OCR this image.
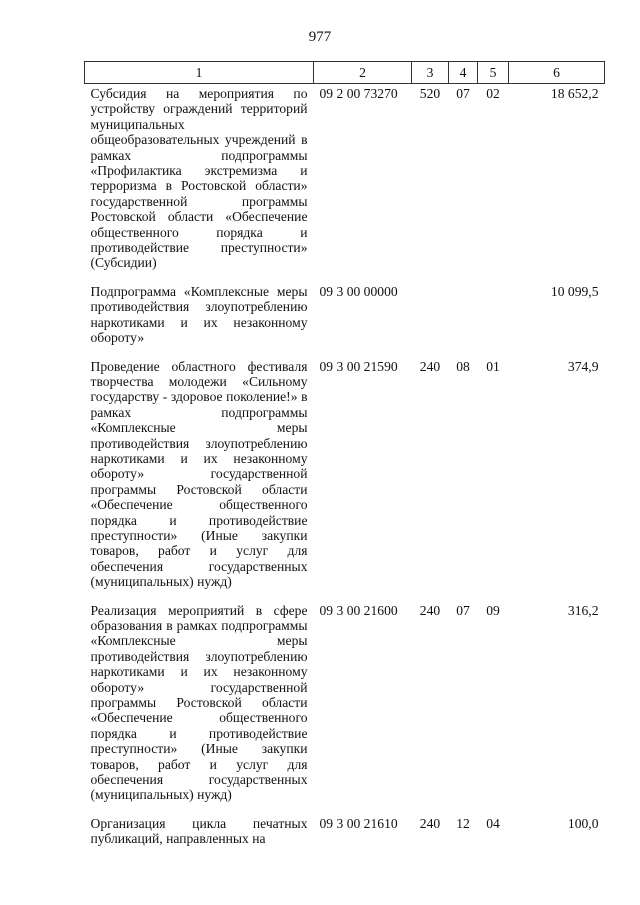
977
1	2	3	4	5	6
Субсидия на мероприятия по устройству ограждений территорий муниципальных общеобразовательных учреждений в рамках подпрограммы «Профилактика экстремизма и терроризма в Ростовской области» государственной программы Ростовской области «Обеспечение общественного порядка и противодействие преступности» (Субсидии)	09 2 00 73270	520	07	02	18 652,2
Подпрограмма «Комплексные меры противодействия злоупотреблению наркотиками и их незаконному обороту»	09 3 00 00000				10 099,5
Проведение областного фестиваля творчества молодежи «Сильному государству - здоровое поколение!» в рамках подпрограммы «Комплексные меры противодействия злоупотреблению наркотиками и их незаконному обороту» государственной программы Ростовской области «Обеспечение общественного порядка и противодействие преступности» (Иные закупки товаров, работ и услуг для обеспечения государственных (муниципальных) нужд)	09 3 00 21590	240	08	01	374,9
Реализация мероприятий в сфере образования в рамках подпрограммы «Комплексные меры противодействия злоупотреблению наркотиками и их незаконному обороту» государственной программы Ростовской области «Обеспечение общественного порядка и противодействие преступности» (Иные закупки товаров, работ и услуг для обеспечения государственных (муниципальных) нужд)	09 3 00 21600	240	07	09	316,2
Организация цикла печатных публикаций, направленных на	09 3 00 21610	240	12	04	100,0
